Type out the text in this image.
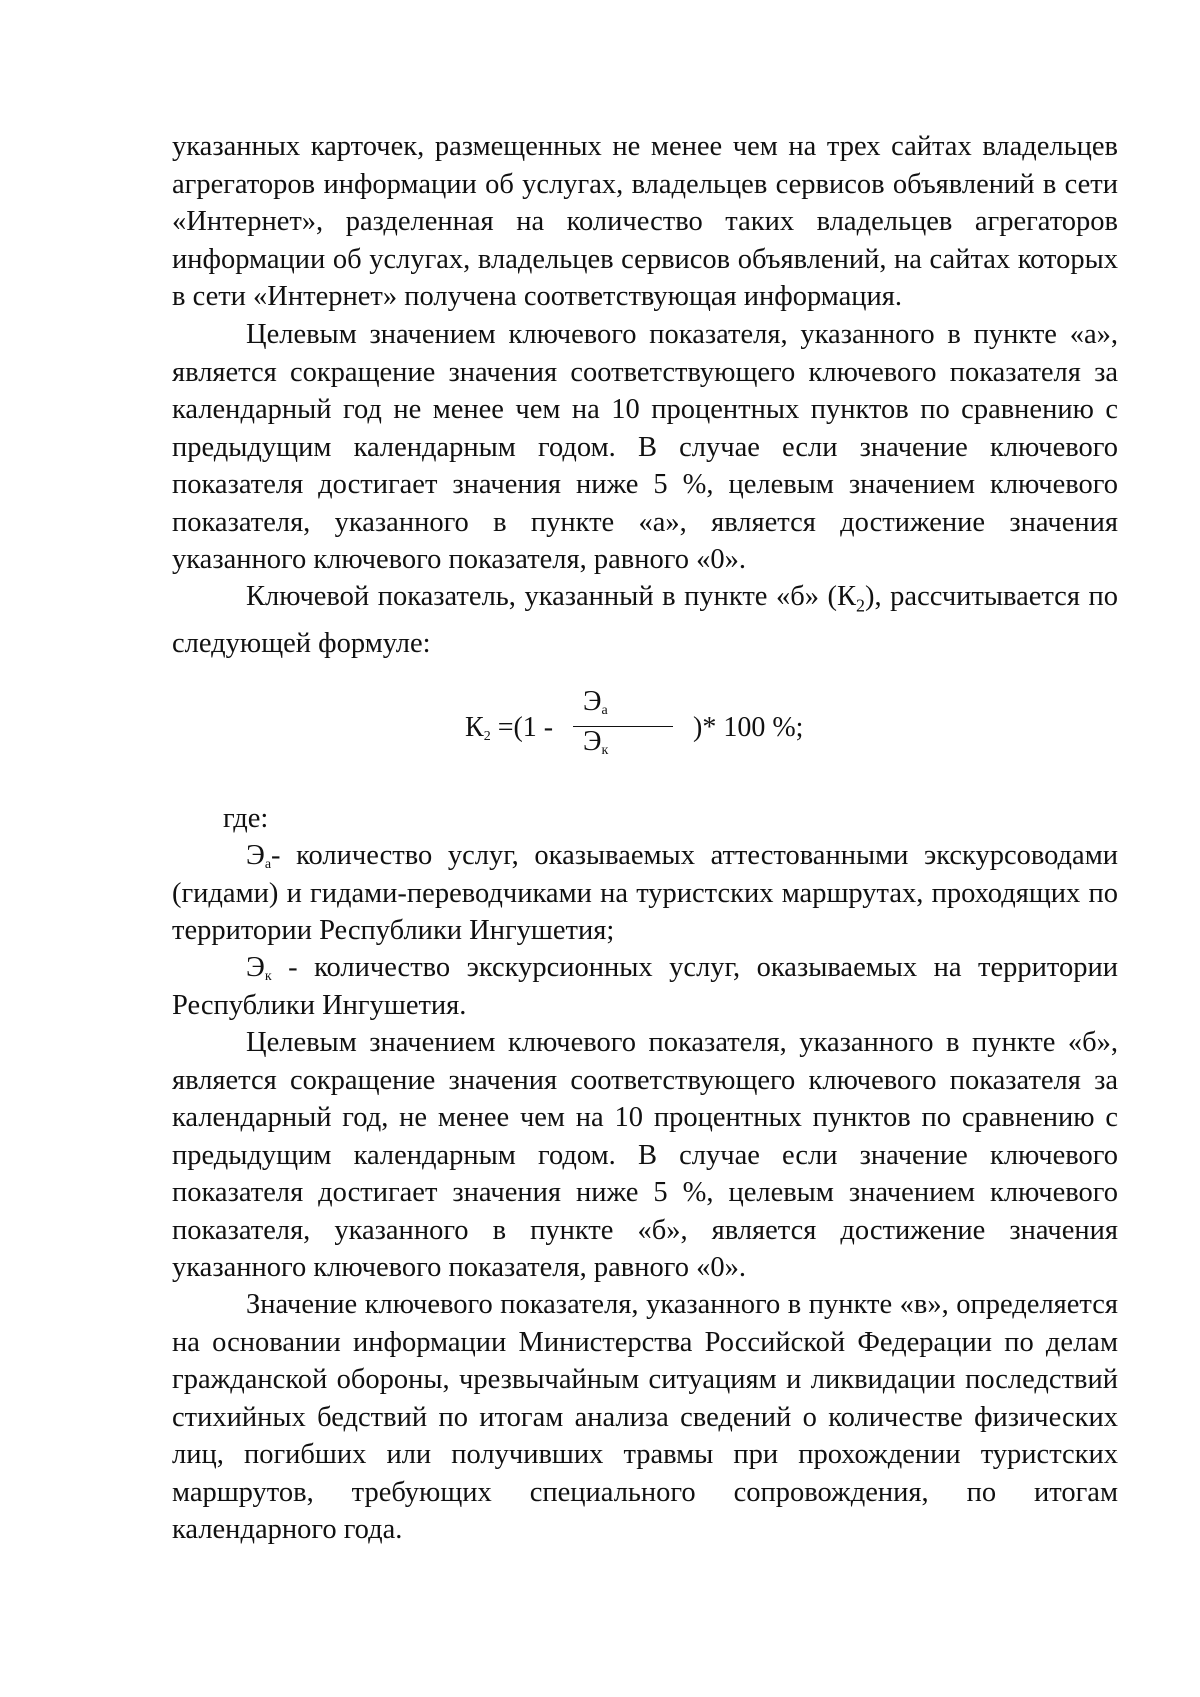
указанных карточек, размещенных не менее чем на трех сайтах владельцев агрегаторов информации об услугах, владельцев сервисов объявлений в сети «Интернет», разделенная на количество таких владельцев агрегаторов информации об услугах, владельцев сервисов объявлений, на сайтах которых в сети «Интернет» получена соответствующая информация.

Целевым значением ключевого показателя, указанного в пункте «а», является сокращение значения соответствующего ключевого показателя за календарный год не менее чем на 10 процентных пунктов по сравнению с предыдущим календарным годом. В случае если значение ключевого показателя достигает значения ниже 5 %, целевым значением ключевого показателя, указанного в пункте «а», является достижение значения указанного ключевого показателя, равного «0».

Ключевой показатель, указанный в пункте «б» $(К_2)$, рассчитывается по следующей формуле:

$К_2 =(1$ -
$Э_а$
$Э_к$
)* 100 %;

где:

$Э_а-$ количество услуг, оказываемых аттестованными экскурсоводами (гидами) и гидами-переводчиками на туристских маршрутах, проходящих по территории Республики Ингушетия;

$Э_к$ - количество экскурсионных услуг, оказываемых на территории Республики Ингушетия.

Целевым значением ключевого показателя, указанного в пункте «б», является сокращение значения соответствующего ключевого показателя за календарный год, не менее чем на 10 процентных пунктов по сравнению с предыдущим календарным годом. В случае если значение ключевого показателя достигает значения ниже 5 %, целевым значением ключевого показателя, указанного в пункте «б», является достижение значения указанного ключевого показателя, равного «0».

Значение ключевого показателя, указанного в пункте «в», определяется на основании информации Министерства Российской Федерации по делам гражданской обороны, чрезвычайным ситуациям и ликвидации последствий стихийных бедствий по итогам анализа сведений о количестве физических лиц, погибших или получивших травмы при прохождении туристских маршрутов, требующих специального сопровождения, по итогам календарного года.
